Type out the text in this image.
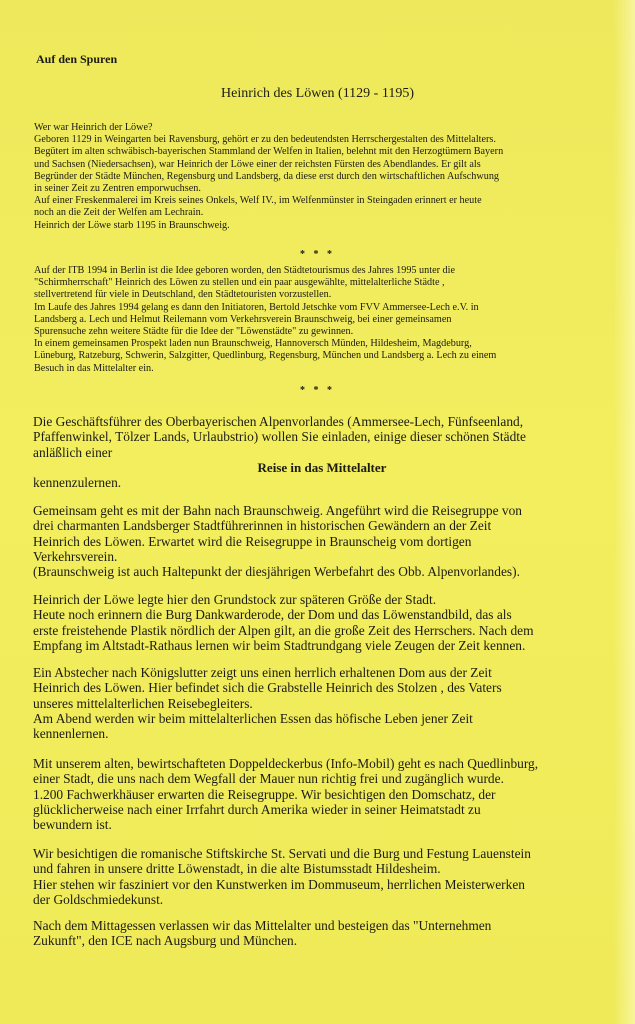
Auf den Spuren
Heinrich des Löwen (1129 - 1195)

Wer war Heinrich der Löwe?

Geboren 1129 in Weingarten bei Ravensburg, gehört er zu den bedeutendsten Herrschergestalten des Mittelalters.

Begütert im alten schwäbisch-bayerischen Stammland der Welfen in Italien, belehnt mit den Herzogtümern Bayern

und Sachsen (Niedersachsen), war Heinrich der Löwe einer der reichsten Fürsten des Abendlandes. Er gilt als

Begründer der Städte München, Regensburg und Landsberg, da diese erst durch den wirtschaftlichen Aufschwung

in seiner Zeit zu Zentren emporwuchsen.

Auf einer Freskenmalerei im Kreis seines Onkels, Welf IV., im Welfenmünster in Steingaden erinnert er heute

noch an die Zeit der Welfen am Lechrain.

Heinrich der Löwe starb 1195 in Braunschweig.

* * *

Auf der ITB 1994 in Berlin ist die Idee geboren worden, den Städtetourismus des Jahres 1995 unter die

"Schirmherrschaft" Heinrich des Löwen zu stellen und ein paar ausgewählte, mittelalterliche Städte ,

stellvertretend für viele in Deutschland, den Städtetouristen vorzustellen.

Im Laufe des Jahres 1994 gelang es dann den Initiatoren, Bertold Jetschke vom FVV Ammersee-Lech e.V. in

Landsberg a. Lech und Helmut Reilemann vom Verkehrsverein Braunschweig, bei einer gemeinsamen

Spurensuche zehn weitere Städte für die Idee der "Löwenstädte" zu gewinnen.

In einem gemeinsamen Prospekt laden nun Braunschweig, Hannoversch Münden, Hildesheim, Magdeburg,

Lüneburg, Ratzeburg, Schwerin, Salzgitter, Quedlinburg, Regensburg, München und Landsberg a. Lech zu einem

Besuch in das Mittelalter ein.

* * *

Die Geschäftsführer des Oberbayerischen Alpenvorlandes (Ammersee-Lech, Fünfseenland,

Pfaffenwinkel, Tölzer Lands, Urlaubstrio) wollen Sie einladen, einige dieser schönen Städte

anläßlich einer

Reise in das Mittelalter

kennenzulernen.

Gemeinsam geht es mit der Bahn nach Braunschweig. Angeführt wird die Reisegruppe von

drei charmanten Landsberger Stadtführerinnen in historischen Gewändern an der Zeit

Heinrich des Löwen. Erwartet wird die Reisegruppe in Braunscheig vom dortigen

Verkehrsverein.

(Braunschweig ist auch Haltepunkt der diesjährigen Werbefahrt des Obb. Alpenvorlandes).

Heinrich der Löwe legte hier den Grundstock zur späteren Größe der Stadt.

Heute noch erinnern die Burg Dankwarderode, der Dom und das Löwenstandbild, das als

erste freistehende Plastik nördlich der Alpen gilt, an die große Zeit des Herrschers. Nach dem

Empfang im Altstadt-Rathaus lernen wir beim Stadtrundgang viele Zeugen der Zeit kennen.

Ein Abstecher nach Königslutter zeigt uns einen herrlich erhaltenen Dom aus der Zeit

Heinrich des Löwen. Hier befindet sich die Grabstelle Heinrich des Stolzen , des Vaters

unseres mittelalterlichen Reisebegleiters.

Am Abend werden wir beim mittelalterlichen Essen das höfische Leben jener Zeit

kennenlernen.

Mit unserem alten, bewirtschafteten Doppeldeckerbus (Info-Mobil) geht es nach Quedlinburg,

einer Stadt, die uns nach dem Wegfall der Mauer nun richtig frei und zugänglich wurde.

1.200 Fachwerkhäuser erwarten die Reisegruppe. Wir besichtigen den Domschatz, der

glücklicherweise nach einer Irrfahrt durch Amerika wieder in seiner Heimatstadt zu

bewundern ist.

Wir besichtigen die romanische Stiftskirche St. Servati und die Burg und Festung Lauenstein

und fahren in unsere dritte Löwenstadt, in die alte Bistumsstadt Hildesheim.

Hier stehen wir fasziniert vor den Kunstwerken im Dommuseum, herrlichen Meisterwerken

der Goldschmiedekunst.

Nach dem Mittagessen verlassen wir das Mittelalter und besteigen das "Unternehmen

Zukunft", den ICE nach Augsburg und München.
